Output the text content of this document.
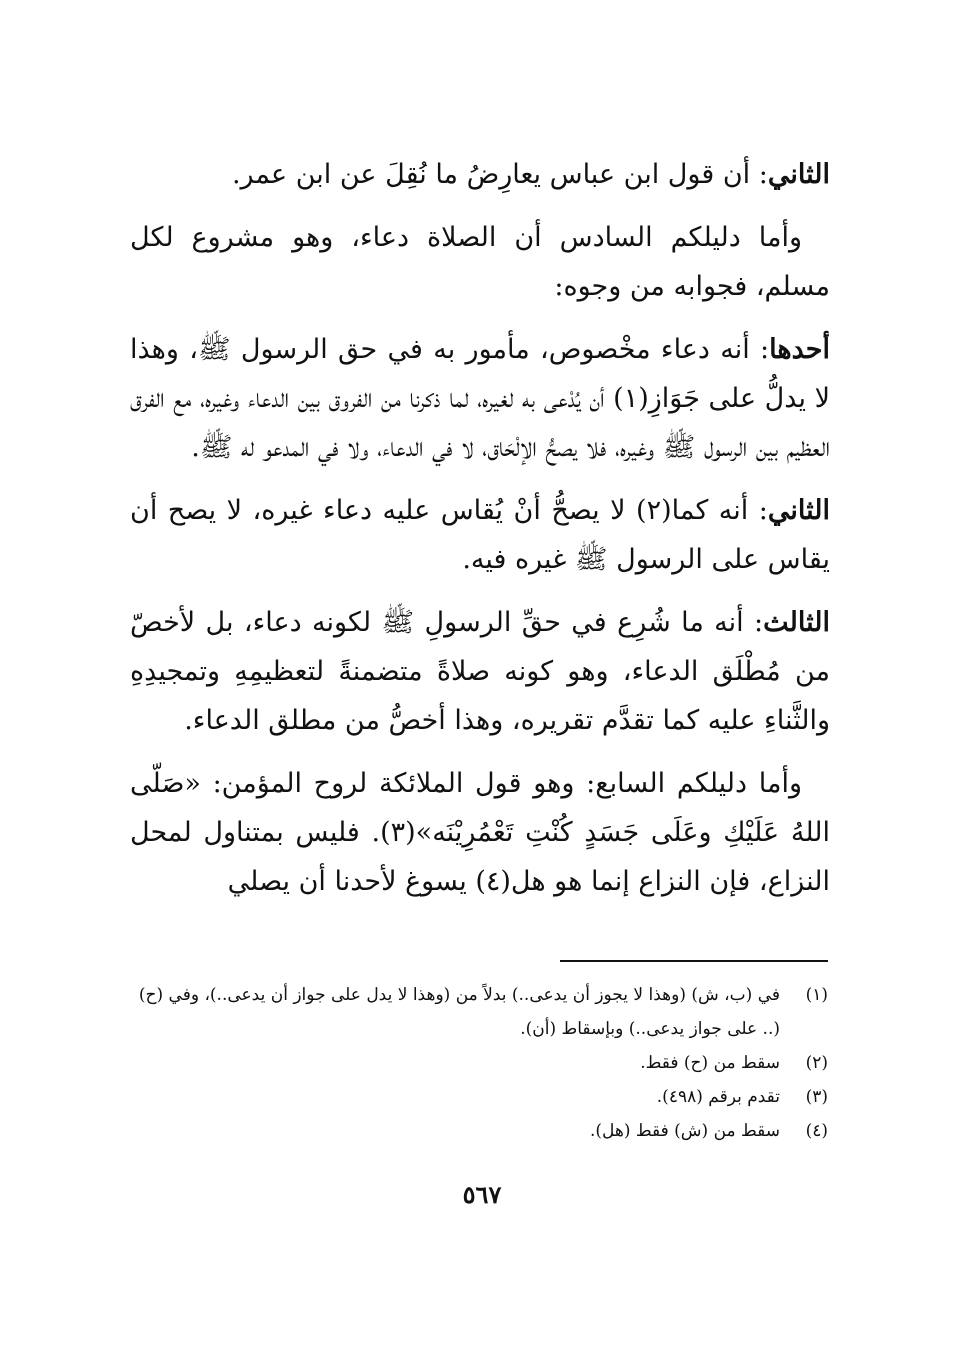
الثاني: أن قول ابن عباس يعارِضُ ما نُقِلَ عن ابن عمر.

وأما دليلكم السادس أن الصلاة دعاء، وهو مشروع لكل مسلم، فجوابه من وجوه:

أحدها: أنه دعاء مخْصوص، مأمور به في حق الرسول ﷺ، وهذا لا يدلُّ على جَوَازِ(١) أن يُدْعى به لغيره، لما ذكرنا من الفروق بين الدعاء وغيره، مع الفرق العظيم بين الرسول ﷺ وغيره، فلا يصحُّ الإلْحَاق، لا في الدعاء، ولا في المدعو له ﷺ.

الثاني: أنه كما(٢) لا يصحُّ أنْ يُقاس عليه دعاء غيره، لا يصح أن يقاس على الرسول ﷺ غيره فيه.

الثالث: أنه ما شُرِع في حقِّ الرسولِ ﷺ لكونه دعاء، بل لأخصّ من مُطْلَق الدعاء، وهو كونه صلاةً متضمنةً لتعظيمِهِ وتمجيدِهِ والثَّناءِ عليه كما تقدَّم تقريره، وهذا أخصُّ من مطلق الدعاء.

وأما دليلكم السابع: وهو قول الملائكة لروح المؤمن: «صَلّى اللهُ عَلَيْكِ وعَلَى جَسَدٍ كُنْتِ تَعْمُرِيْنَه»(٣). فليس بمتناول لمحل النزاع، فإن النزاع إنما هو هل(٤) يسوغ لأحدنا أن يصلي

(١)
في (ب، ش) (وهذا لا يجوز أن يدعى..) بدلاً من (وهذا لا يدل على جواز أن يدعى..)، وفي (ح) (.. على جواز يدعى..) وبإسقاط (أن).
(٢)
سقط من (ح) فقط.
(٣)
تقدم برقم (٤٩٨).
(٤)
سقط من (ش) فقط (هل).
٥٦٧
